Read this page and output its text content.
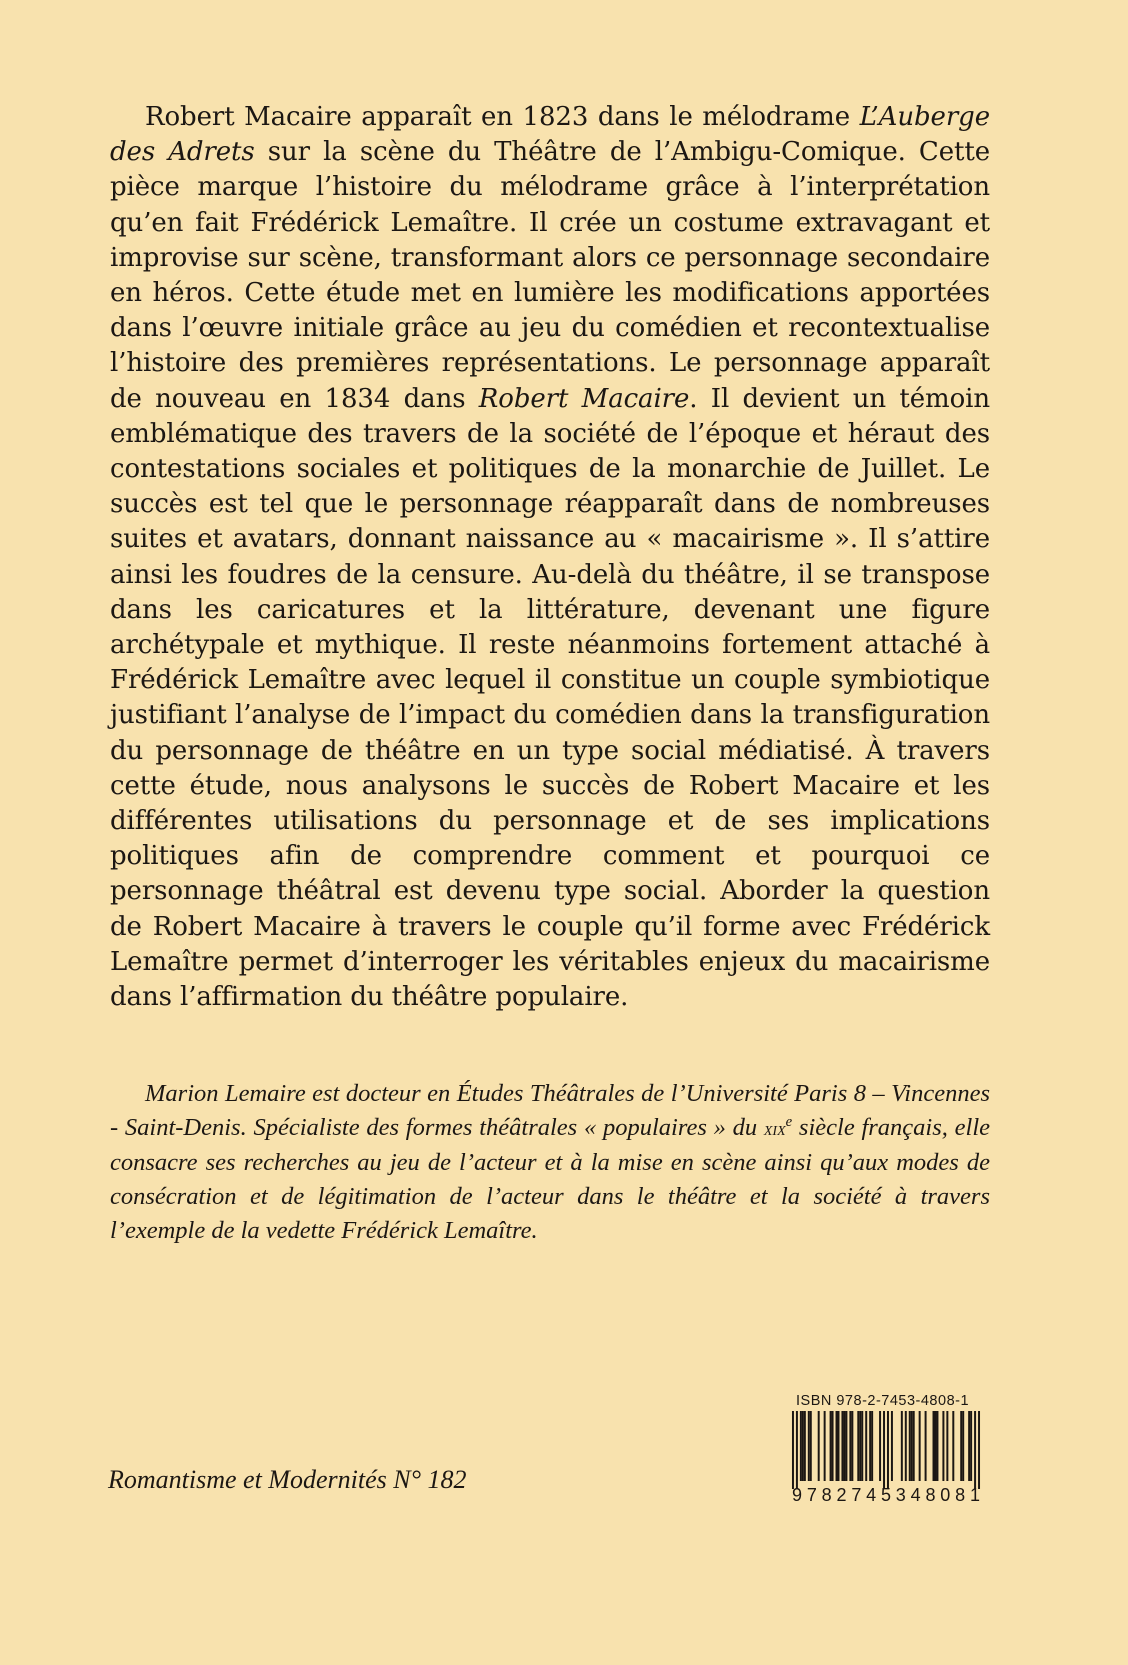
Robert Macaire apparaît en 1823 dans le mélodrame L’Auberge des Adrets sur la scène du Théâtre de l’Ambigu-Comique. Cette pièce marque l’histoire du mélodrame grâce à l’interprétation qu’en fait Frédérick Lemaître. Il crée un costume extravagant et improvise sur scène, transformant alors ce personnage secondaire en héros. Cette étude met en lumière les modifications apportées dans l’œuvre initiale grâce au jeu du comédien et recontextualise l’histoire des premières représentations. Le personnage apparaît de nouveau en 1834 dans Robert Macaire. Il devient un témoin emblématique des travers de la société de l’époque et héraut des contestations sociales et politiques de la monarchie de Juillet. Le succès est tel que le personnage réapparaît dans de nombreuses suites et avatars, donnant naissance au « macairisme ». Il s’attire ainsi les foudres de la censure. Au-delà du théâtre, il se transpose dans les caricatures et la littérature, devenant une figure archétypale et mythique. Il reste néanmoins fortement attaché à Frédérick Lemaître avec lequel il constitue un couple symbiotique justifiant l’analyse de l’impact du comédien dans la transfiguration du personnage de théâtre en un type social médiatisé. À travers cette étude, nous analysons le succès de Robert Macaire et les différentes utilisations du personnage et de ses implications politiques afin de comprendre comment et pourquoi ce personnage théâtral est devenu type social. Aborder la question de Robert Macaire à travers le couple qu’il forme avec Frédérick Lemaître permet d’interroger les véritables enjeux du macairisme dans l’affirmation du théâtre populaire.

Marion Lemaire est docteur en Études Théâtrales de l’Université Paris 8 – Vincennes - Saint-Denis. Spécialiste des formes théâtrales « populaires » du xix$^e$ siècle français, elle consacre ses recherches au jeu de l’acteur et à la mise en scène ainsi qu’aux modes de consécration et de légitimation de l’acteur dans le théâtre et la société à travers l’exemple de la vedette Frédérick Lemaître.

Romantisme et Modernités N° 182
ISBN 978-2-7453-4808-1
9 7 8 2 7 4 5 3 4 8 0 8 1
